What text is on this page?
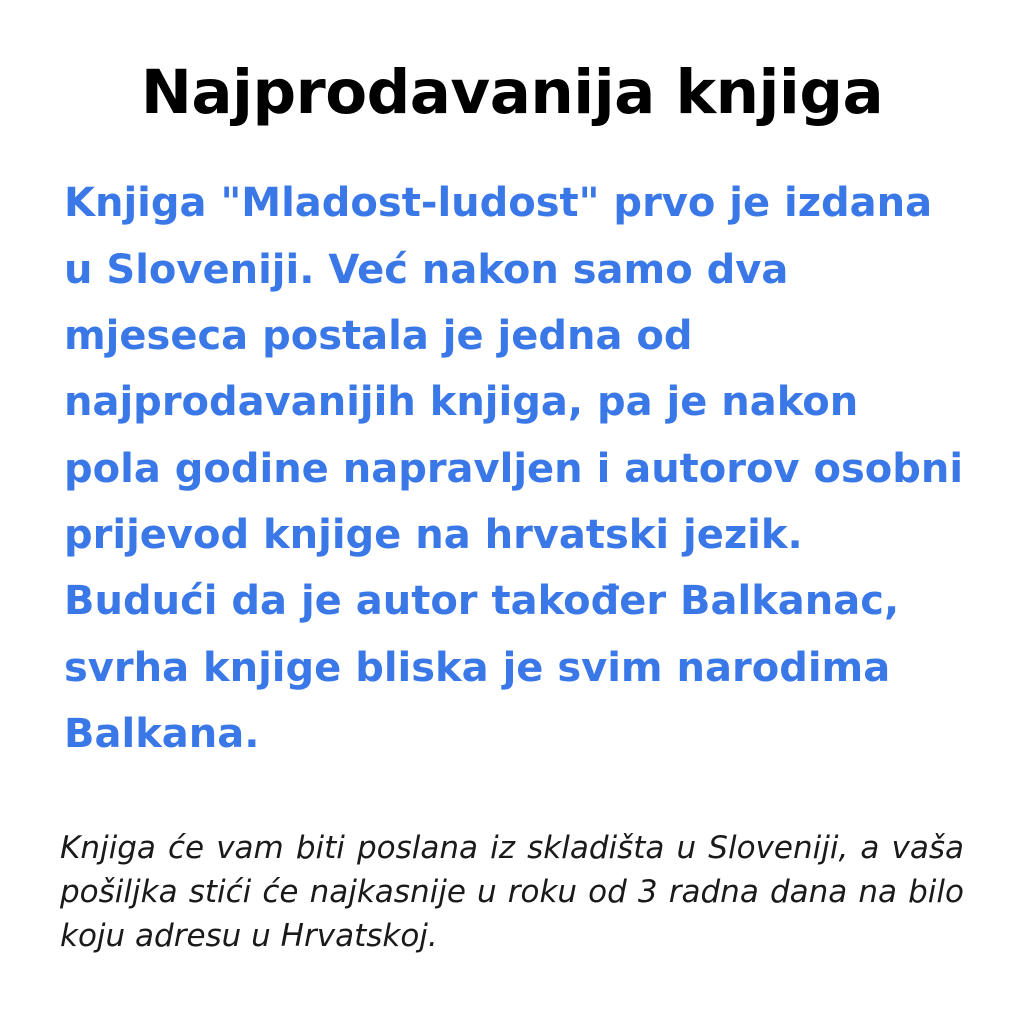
Najprodavanija knjiga

Knjiga "Mladost-ludost" prvo je izdana u Sloveniji. Već nakon samo dva mjeseca postala je jedna od najprodavanijih knjiga, pa je nakon pola godine napravljen i autorov osobni prijevod knjige na hrvatski jezik. Budući da je autor također Balkanac, svrha knjige bliska je svim narodima Balkana.

Knjiga će vam biti poslana iz skladišta u Sloveniji, a vaša pošiljka stići će najkasnije u roku od 3 radna dana na bilo koju adresu u Hrvatskoj.
